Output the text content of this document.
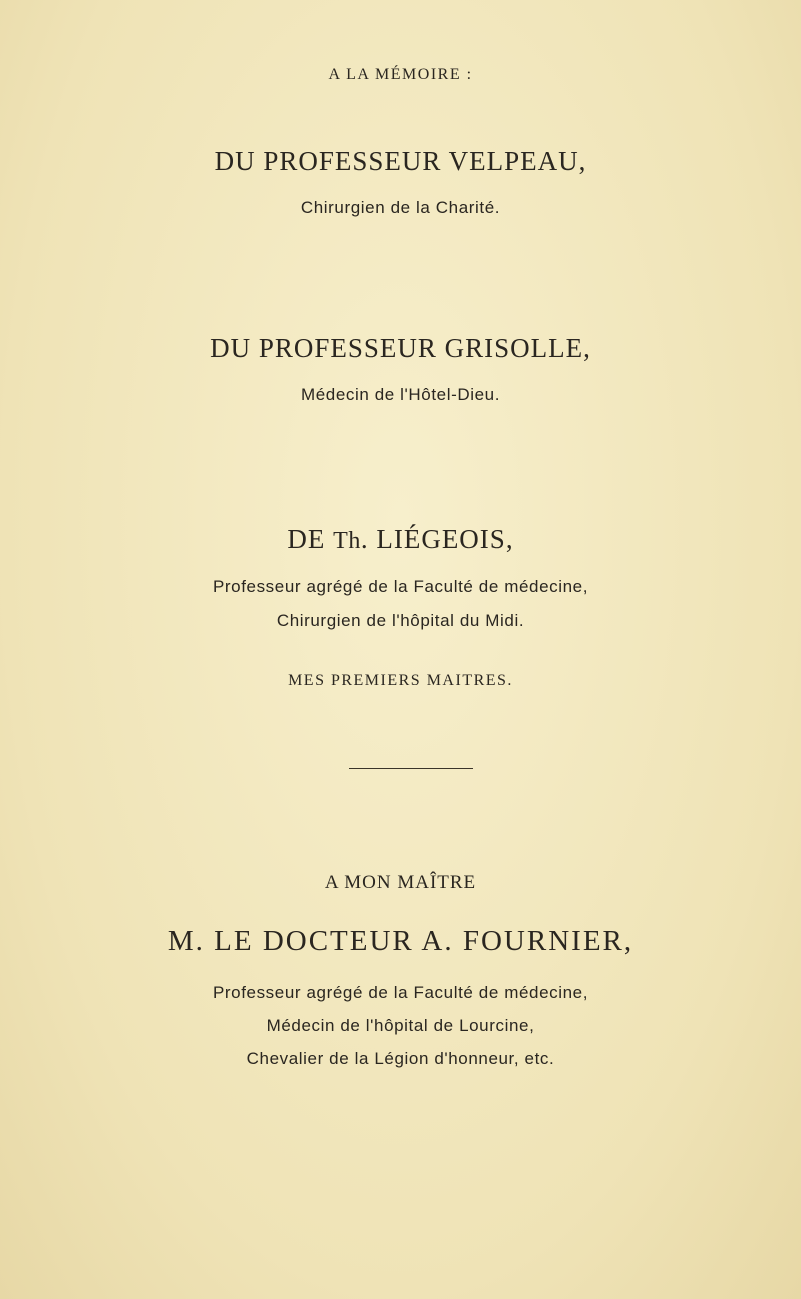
A LA MÉMOIRE :
DU PROFESSEUR VELPEAU,
Chirurgien de la Charité.
DU PROFESSEUR GRISOLLE,
Médecin de l'Hôtel-Dieu.
DE Th. LIÉGEOIS,
Professeur agrégé de la Faculté de médecine,
Chirurgien de l'hôpital du Midi.
MES PREMIERS MAITRES.
A MON MAÎTRE
M. LE DOCTEUR A. FOURNIER,
Professeur agrégé de la Faculté de médecine,
Médecin de l'hôpital de Lourcine,
Chevalier de la Légion d'honneur, etc.
